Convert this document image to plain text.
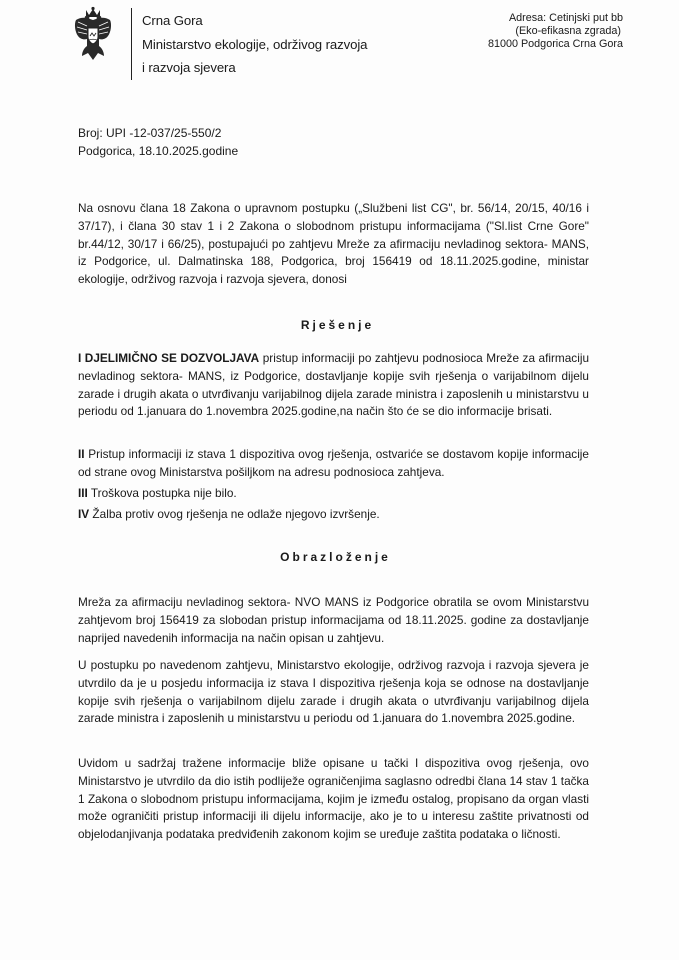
Crna Gora
Ministarstvo ekologije, održivog razvoja
i razvoja sjevera
Adresa: Cetinjski put bb
(Eko-efikasna zgrada)
81000 Podgorica Crna Gora
Broj: UPI -12-037/25-550/2
Podgorica, 18.10.2025.godine
Na osnovu člana 18 Zakona o upravnom postupku („Službeni list CG", br. 56/14, 20/15, 40/16 i 37/17), i člana 30 stav 1 i 2 Zakona o slobodnom pristupu informacijama ("Sl.list Crne Gore" br.44/12, 30/17 i 66/25), postupajući po zahtjevu Mreže za afirmaciju nevladinog sektora- MANS, iz Podgorice, ul. Dalmatinska 188, Podgorica, broj 156419 od 18.11.2025.godine, ministar ekologije, održivog razvoja i razvoja sjevera, donosi
Rješenje
I DJELIMIČNO SE DOZVOLJAVA pristup informaciji po zahtjevu podnosioca Mreže za afirmaciju nevladinog sektora- MANS, iz Podgorice, dostavljanje kopije svih rješenja o varijabilnom dijelu zarade i drugih akata o utvrđivanju varijabilnog dijela zarade ministra i zaposlenih u ministarstvu u periodu od 1.januara do 1.novembra 2025.godine,na način što će se dio informacije brisati.
II Pristup informaciji iz stava 1 dispozitiva ovog rješenja, ostvariće se dostavom kopije informacije od strane ovog Ministarstva pošiljkom na adresu podnosioca zahtjeva.
III Troškova postupka nije bilo.
IV Žalba protiv ovog rješenja ne odlaže njegovo izvršenje.
Obrazloženje
Mreža za afirmaciju nevladinog sektora- NVO MANS iz Podgorice obratila se ovom Ministarstvu zahtjevom broj 156419 za slobodan pristup informacijama od 18.11.2025. godine za dostavljanje naprijed navedenih informacija na način opisan u zahtjevu.
U postupku po navedenom zahtjevu, Ministarstvo ekologije, održivog razvoja i razvoja sjevera je utvrdilo da je u posjedu informacija iz stava I dispozitiva rješenja koja se odnose na dostavljanje kopije svih rješenja o varijabilnom dijelu zarade i drugih akata o utvrđivanju varijabilnog dijela zarade ministra i zaposlenih u ministarstvu u periodu od 1.januara do 1.novembra 2025.godine.
Uvidom u sadržaj tražene informacije bliže opisane u tački I dispozitiva ovog rješenja, ovo Ministarstvo je utvrdilo da dio istih podliježe ograničenjima saglasno odredbi člana 14 stav 1 tačka 1 Zakona o slobodnom pristupu informacijama, kojim je između ostalog, propisano da organ vlasti može ograničiti pristup informaciji ili dijelu informacije, ako je to u interesu zaštite privatnosti od objelodanjivanja podataka predviđenih zakonom kojim se uređuje zaštita podataka o ličnosti.
